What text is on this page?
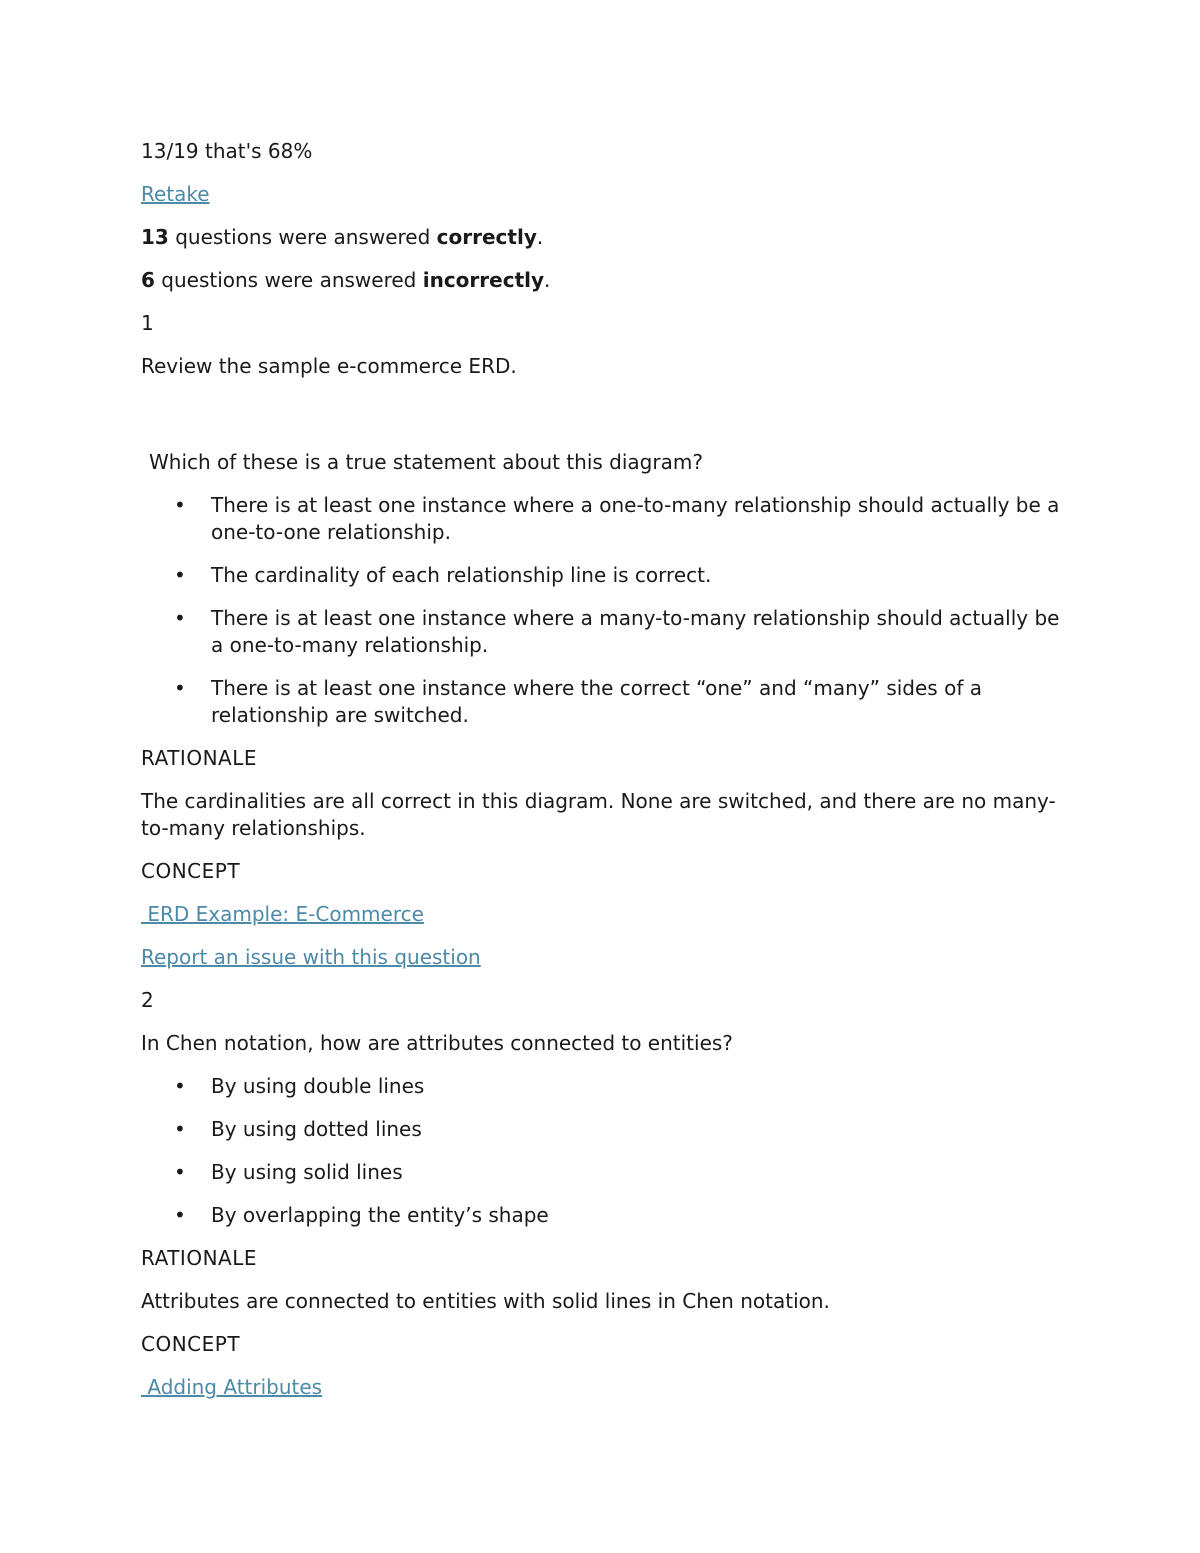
13/19 that's 68%

Retake

13 questions were answered correctly.

6 questions were answered incorrectly.

1

Review the sample e-commerce ERD.

Which of these is a true statement about this diagram?

• There is at least one instance where a one-to-many relationship should actually be a one-to-one relationship.
• The cardinality of each relationship line is correct.
• There is at least one instance where a many-to-many relationship should actually be a one-to-many relationship.
• There is at least one instance where the correct “one” and “many” sides of a relationship are switched.

RATIONALE

The cardinalities are all correct in this diagram. None are switched, and there are no many-to-many relationships.

CONCEPT

ERD Example: E-Commerce

Report an issue with this question

2

In Chen notation, how are attributes connected to entities?

• By using double lines
• By using dotted lines
• By using solid lines
• By overlapping the entity’s shape

RATIONALE

Attributes are connected to entities with solid lines in Chen notation.

CONCEPT

Adding Attributes
